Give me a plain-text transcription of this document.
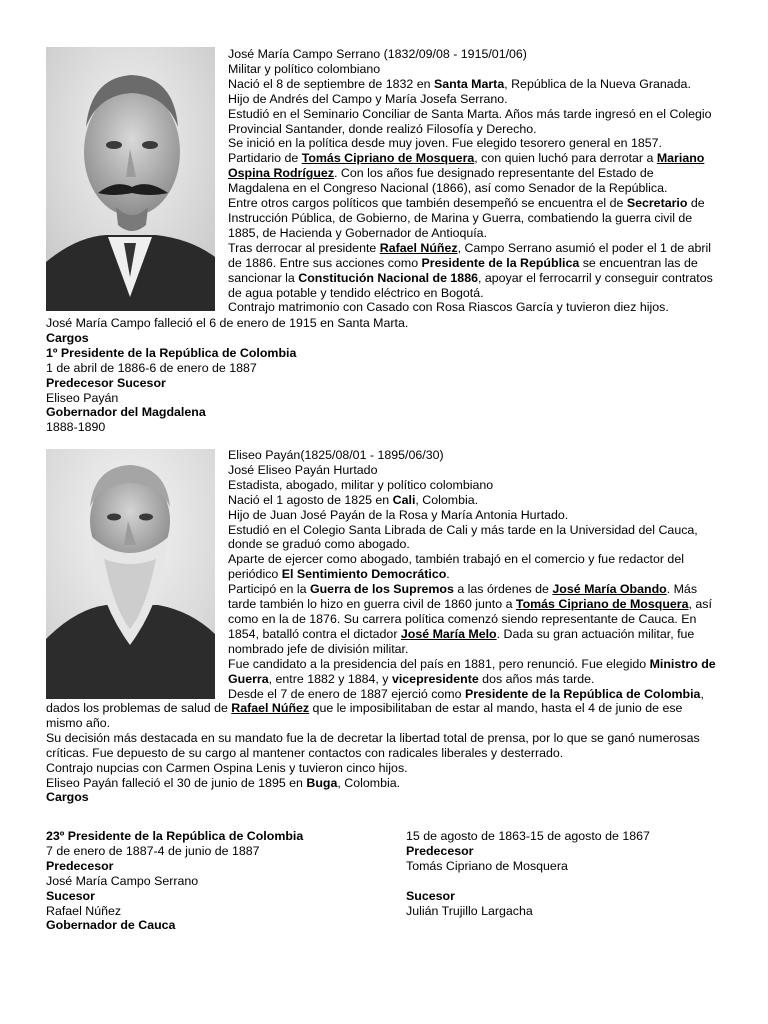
José María Campo Serrano (1832/09/08 - 1915/01/06)
Militar y político colombiano
Nació el 8 de septiembre de 1832 en Santa Marta, República de la Nueva Granada.
Hijo de Andrés del Campo y María Josefa Serrano.
Estudió en el Seminario Conciliar de Santa Marta. Años más tarde ingresó en el Colegio
Provincial Santander, donde realizó Filosofía y Derecho.
Se inició en la política desde muy joven. Fue elegido tesorero general en 1857.
Partidario de Tomás Cipriano de Mosquera, con quien luchó para derrotar a Mariano
Ospina Rodríguez. Con los años fue designado representante del Estado de
Magdalena en el Congreso Nacional (1866), así como Senador de la República.
Entre otros cargos políticos que también desempeñó se encuentra el de Secretario de
Instrucción Pública, de Gobierno, de Marina y Guerra, combatiendo la guerra civil de
1885, de Hacienda y Gobernador de Antioquía.
Tras derrocar al presidente Rafael Núñez, Campo Serrano asumió el poder el 1 de abril
de 1886. Entre sus acciones como Presidente de la República se encuentran las de
sancionar la Constitución Nacional de 1886, apoyar el ferrocarril y conseguir contratos
de agua potable y tendido eléctrico en Bogotá.
Contrajo matrimonio con Casado con Rosa Riascos García y tuvieron diez hijos.
José María Campo falleció el 6 de enero de 1915 en Santa Marta.
Cargos
1º Presidente de la República de Colombia
1 de abril de 1886-6 de enero de 1887
Predecesor Sucesor
Eliseo Payán
Gobernador del Magdalena
1888-1890
Eliseo Payán(1825/08/01 - 1895/06/30)
José Eliseo Payán Hurtado
Estadista, abogado, militar y político colombiano
Nació el 1 agosto de 1825 en Cali, Colombia.
Hijo de Juan José Payán de la Rosa y María Antonia Hurtado.
Estudió en el Colegio Santa Librada de Cali y más tarde en la Universidad del Cauca,
donde se graduó como abogado.
Aparte de ejercer como abogado, también trabajó en el comercio y fue redactor del
periódico El Sentimiento Democrático.
Participó en la Guerra de los Supremos a las órdenes de José María Obando. Más
tarde también lo hizo en guerra civil de 1860 junto a Tomás Cipriano de Mosquera, así
como en la de 1876. Su carrera política comenzó siendo representante de Cauca. En
1854, batalló contra el dictador José María Melo. Dada su gran actuación militar, fue
nombrado jefe de división militar.
Fue candidato a la presidencia del país en 1881, pero renunció. Fue elegido Ministro de
Guerra, entre 1882 y 1884, y vicepresidente dos años más tarde.
Desde el 7 de enero de 1887 ejerció como Presidente de la República de Colombia,
dados los problemas de salud de Rafael Núñez que le imposibilitaban de estar al mando, hasta el 4 de junio de ese
mismo año.
Su decisión más destacada en su mandato fue la de decretar la libertad total de prensa, por lo que se ganó numerosas
críticas. Fue depuesto de su cargo al mantener contactos con radicales liberales y desterrado.
Contrajo nupcias con Carmen Ospina Lenis y tuvieron cinco hijos.
Eliseo Payán falleció el 30 de junio de 1895 en Buga, Colombia.
Cargos
23º Presidente de la República de Colombia
7 de enero de 1887-4 de junio de 1887
Predecesor
José María Campo Serrano
Sucesor
Rafael Núñez
Gobernador de Cauca
15 de agosto de 1863-15 de agosto de 1867
Predecesor
Tomás Cipriano de Mosquera
Sucesor
Julián Trujillo Largacha
